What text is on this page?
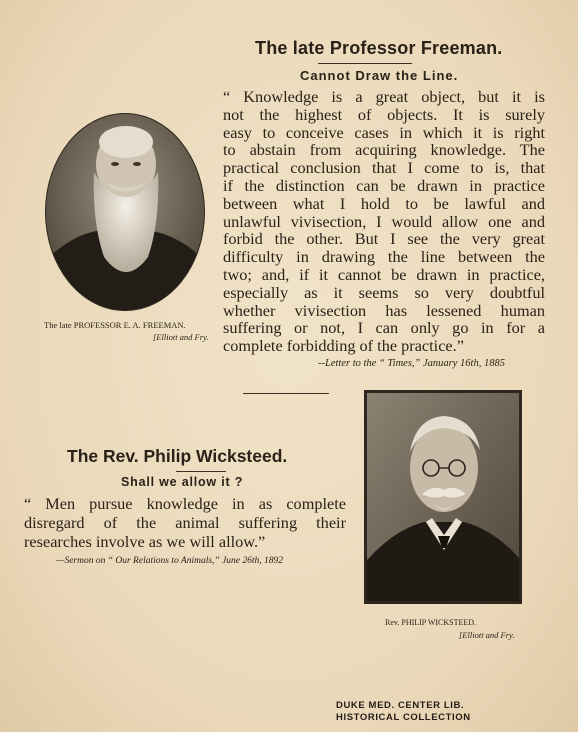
The late Professor Freeman.
Cannot Draw the Line.

“ Knowledge is a great object, but it is
not the highest of objects. It is surely
easy to conceive cases in which it is right
to abstain from acquiring knowledge. The
practical conclusion that I come to is, that
if the distinction can be drawn in practice
between what I hold to be lawful and
unlawful vivisection, I would allow one and
forbid the other. But I see the very great
difficulty in drawing the line between the
two; and, if it cannot be drawn in practice,
especially as it seems so very doubtful
whether vivisection has lessened human
suffering or not, I can only go in for a
complete forbidding of the practice.”

--Letter to the “ Times,” January 16th, 1885
The late PROFESSOR E. A. FREEMAN.
[Elliott and Fry.
The Rev. Philip Wicksteed.
Shall we allow it ?

“ Men pursue knowledge in as complete
disregard of the animal suffering their
researches involve as we will allow.”

—Sermon on “ Our Relations to Animals,” June 26th, 1892
Rev. PHILIP WICKSTEED.
[Elliott and Fry.
DUKE MED. CENTER LIB.
HISTORICAL COLLECTION
